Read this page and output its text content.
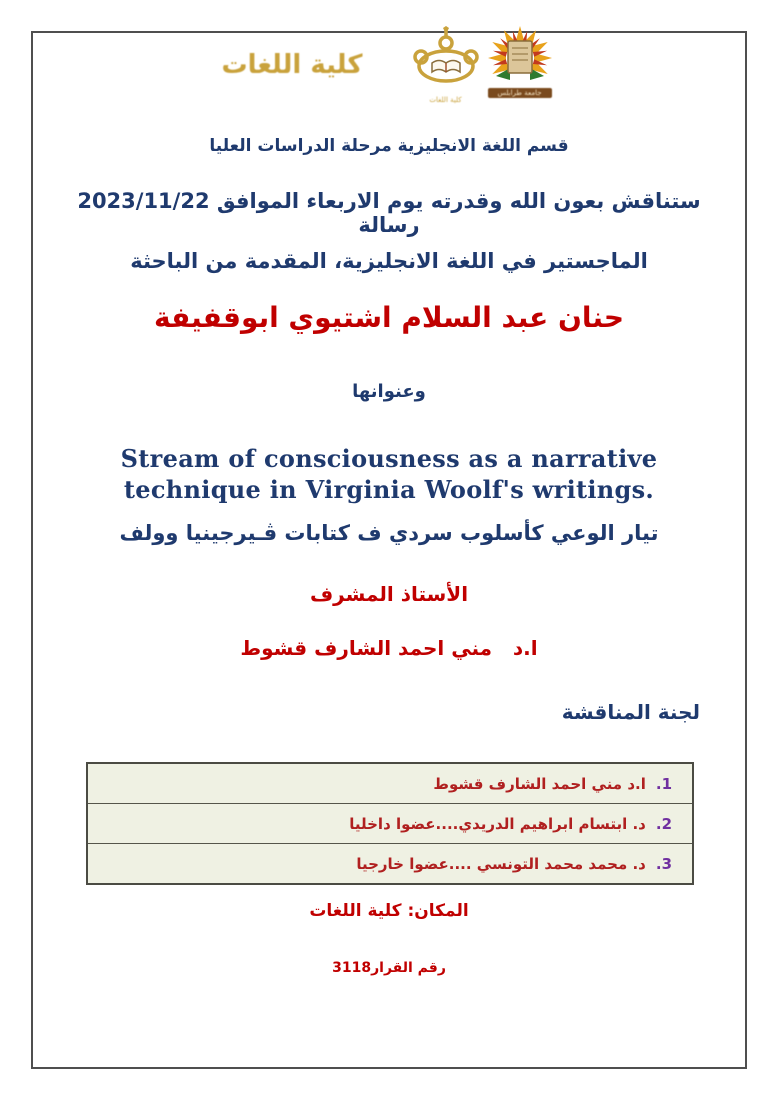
كلية اللغات
كلية اللغات
جامعة طرابلس
قسم اللغة الانجليزية مرحلة الدراسات العليا
ستناقش بعون الله وقدرته يوم الاربعاء الموافق 2023/11/22 رسالة
الماجستير في اللغة الانجليزية، المقدمة من الباحثة
حنان عبد السلام اشتيوي ابوقفيفة
وعنوانها
Stream of consciousness as a narrative
technique in Virginia Woolf's writings.
تيار الوعي كأسلوب سردي ف كتابات ڤـيرجينيا وولف
الأستاذ المشرف
ا.د   مني احمد الشارف قشوط
لجنة المناقشة
1.
ا.د مني احمد الشارف قشوط
2.
د. ابتسام ابراهيم الدريدي....عضوا داخليا
3.
د. محمد محمد التونسي ....عضوا خارجيا
المكان: كلية اللغات
رقم القرار3118
